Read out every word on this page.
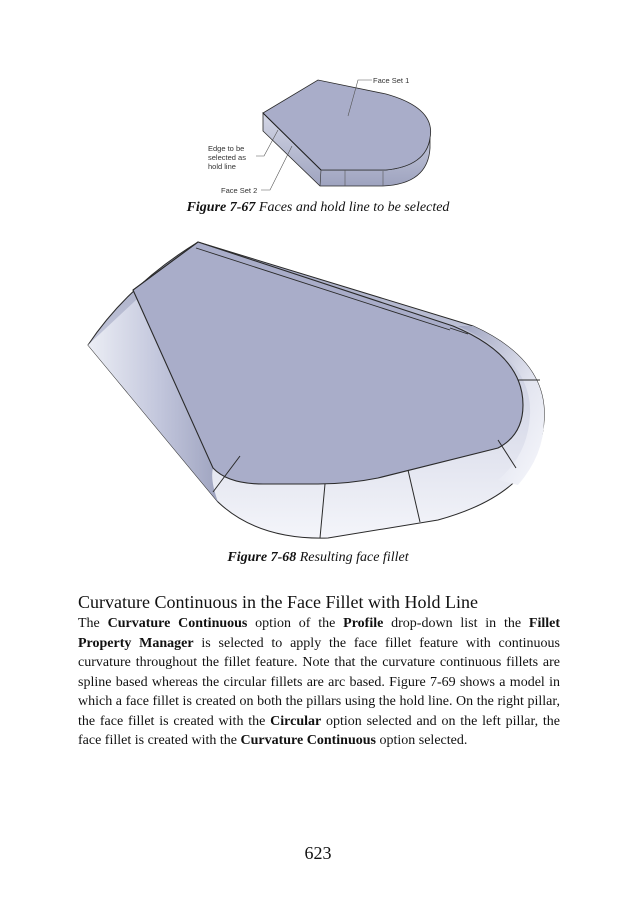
Face Set 1
Edge to be
selected as
hold line
Face Set 2

Figure 7-67 Faces and hold line to be selected

Figure 7-68 Resulting face fillet

Curvature Continuous in the Face Fillet with Hold Line

The Curvature Continuous option of the Profile drop-down list in the Fillet Property Manager is selected to apply the face fillet feature with continuous curvature throughout the fillet feature. Note that the curvature continuous fillets are spline based whereas the circular fillets are arc based. Figure 7-69 shows a model in which a face fillet is created on both the pillars using the hold line. On the right pillar, the face fillet is created with the Circular option selected and on the left pillar, the face fillet is created with the Curvature Continuous option selected.

623
